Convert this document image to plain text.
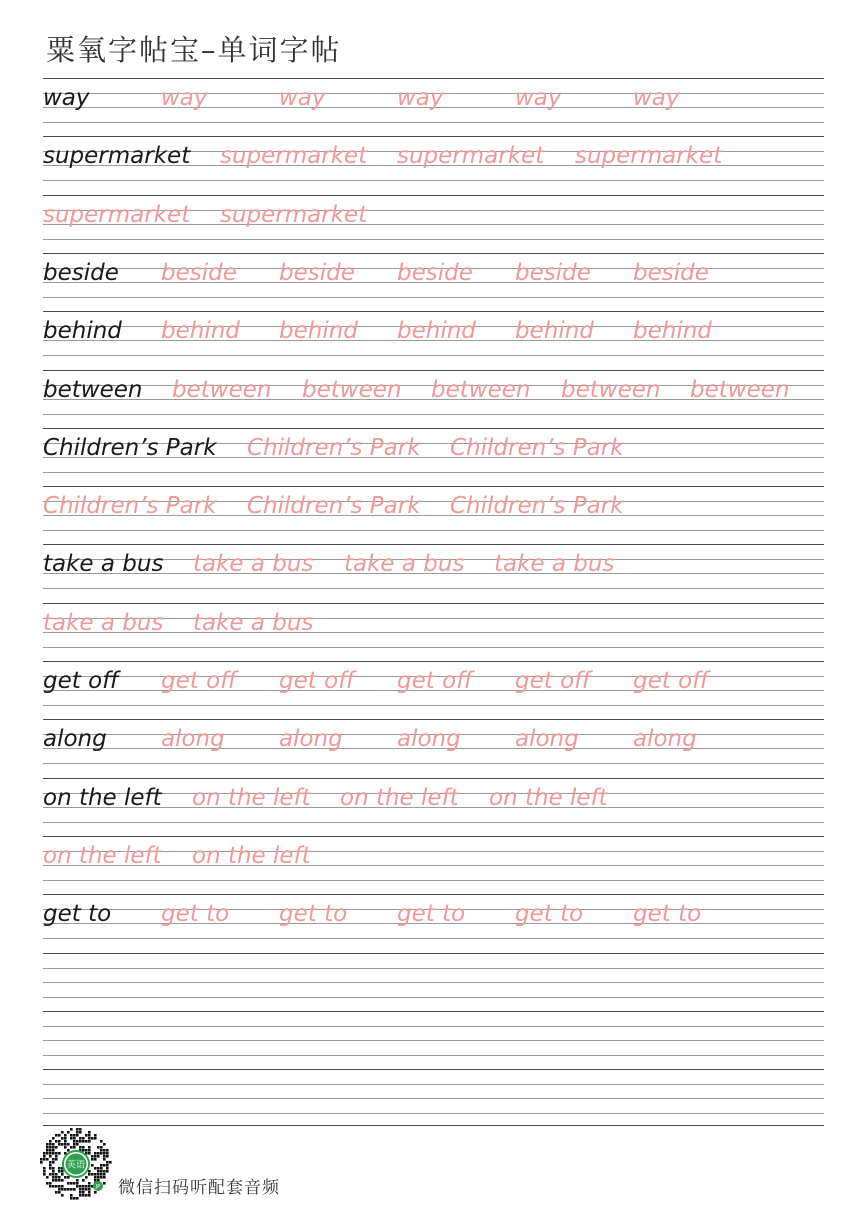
粟氧字帖宝–单词字帖
way	way	way	way	way	way
supermarket supermarket supermarket supermarket
supermarket supermarket
beside beside beside beside beside beside
behind behind behind behind behind behind
between between between between between between
Children’s Park Children’s Park Children’s Park
Children’s Park Children’s Park Children’s Park
take a bus take a bus take a bus take a bus
take a bus take a bus
get off get off get off get off get off get off
along along along along along along
on the left on the left on the left on the left
on the left on the left
get to get to get to get to get to get to
英语
JP 微信扫码听配套音频
